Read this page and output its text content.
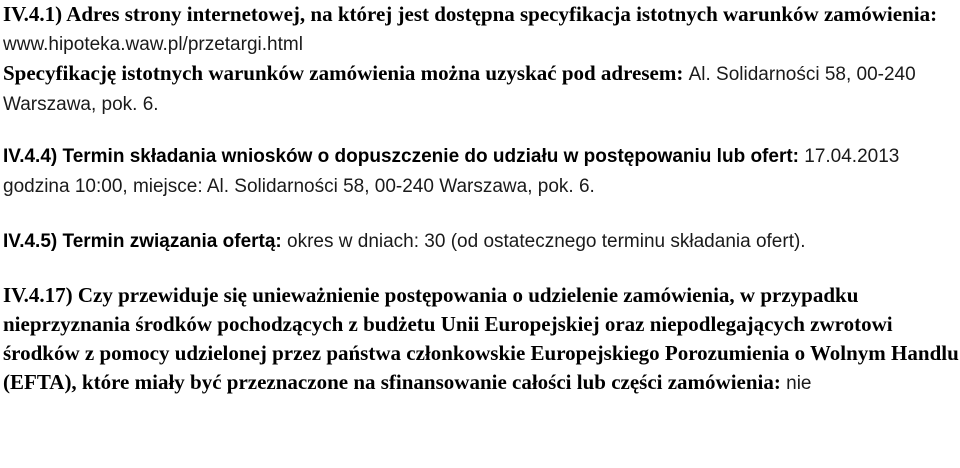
IV.4.1) Adres strony internetowej, na której jest dostępna specyfikacja istotnych warunków zamówienia: www.hipoteka.waw.pl/przetargi.html

Specyfikację istotnych warunków zamówienia można uzyskać pod adresem: Al. Solidarności 58, 00-240 Warszawa, pok. 6.

IV.4.4) Termin składania wniosków o dopuszczenie do udziału w postępowaniu lub ofert: 17.04.2013 godzina 10:00, miejsce: Al. Solidarności 58, 00-240 Warszawa, pok. 6.

IV.4.5) Termin związania ofertą: okres w dniach: 30 (od ostatecznego terminu składania ofert).

IV.4.17) Czy przewiduje się unieważnienie postępowania o udzielenie zamówienia, w przypadku nieprzyznania środków pochodzących z budżetu Unii Europejskiej oraz niepodlegających zwrotowi środków z pomocy udzielonej przez państwa członkowskie Europejskiego Porozumienia o Wolnym Handlu (EFTA), które miały być przeznaczone na sfinansowanie całości lub części zamówienia: nie
